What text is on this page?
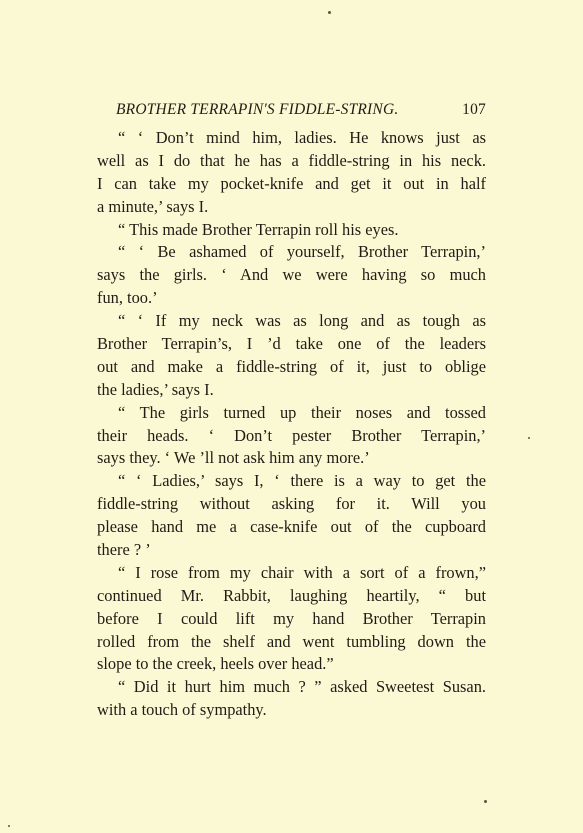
BROTHER TERRAPIN'S FIDDLE-STRING.	107
“ ‘ Don’t mind him, ladies. He knows just as
well as I do that he has a fiddle-string in his neck.
I can take my pocket-knife and get it out in half
a minute,’ says I.
“ This made Brother Terrapin roll his eyes.
“ ‘ Be ashamed of yourself, Brother Terrapin,’
says the girls. ‘ And we were having so much
fun, too.’
“ ‘ If my neck was as long and as tough as
Brother Terrapin’s, I ’d take one of the leaders
out and make a fiddle-string of it, just to oblige
the ladies,’ says I.
“ The girls turned up their noses and tossed
their heads. ‘ Don’t pester Brother Terrapin,’
says they. ‘ We ’ll not ask him any more.’
“ ‘ Ladies,’ says I, ‘ there is a way to get the
fiddle-string without asking for it. Will you
please hand me a case-knife out of the cupboard
there ? ’
“ I rose from my chair with a sort of a frown,”
continued Mr. Rabbit, laughing heartily, “ but
before I could lift my hand Brother Terrapin
rolled from the shelf and went tumbling down the
slope to the creek, heels over head.”
“ Did it hurt him much ? ” asked Sweetest Susan.
with a touch of sympathy.
